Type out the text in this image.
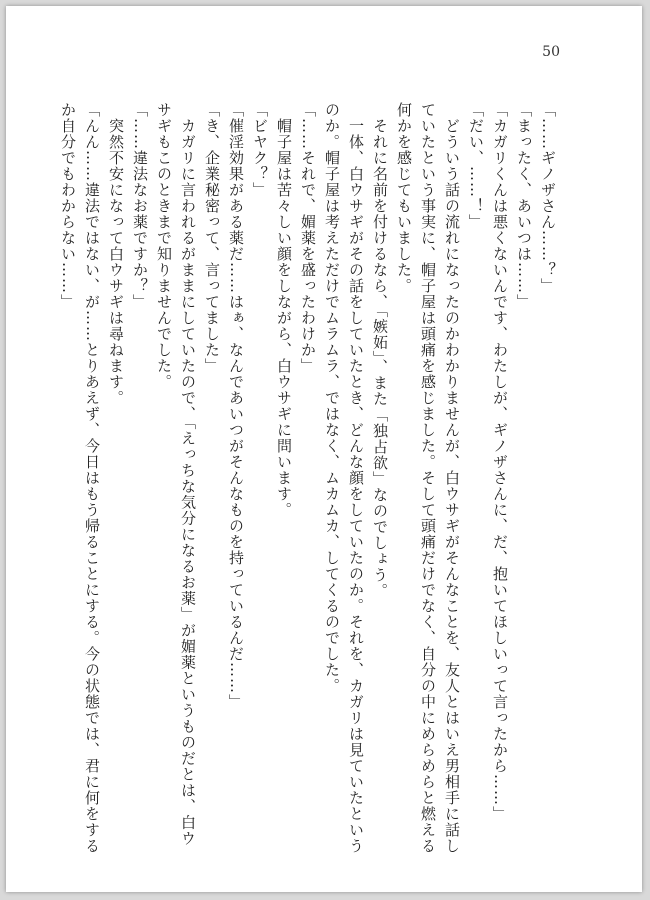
50
「……ギノザさん……？」
「まったく、あいつは……」
「カガリくんは悪くないんです、わたしが、ギノザさんに、だ、抱いてほしいって言ったから……」
「だい、……！」
　どういう話の流れになったのかわかりませんが、白ウサギがそんなことを、友人とはいえ男相手に話し
ていたという事実に、帽子屋は頭痛を感じました。そして頭痛だけでなく、自分の中にめらめらと燃える
何かを感じてもいました。
　それに名前を付けるなら、「嫉妬」、また「独占欲」なのでしょう。
　一体、白ウサギがその話をしていたとき、どんな顔をしていたのか。それを、カガリは見ていたという
のか。帽子屋は考えただけでムラムラ、ではなく、ムカムカ、してくるのでした。
「……それで、媚薬を盛ったわけか」
　帽子屋は苦々しい顔をしながら、白ウサギに問います。
「ビヤク？」
「催淫効果がある薬だ……はぁ、なんであいつがそんなものを持っているんだ……」
「き、企業秘密って、言ってました」
　カガリに言われるがままにしていたので、「えっちな気分になるお薬」が媚薬というものだとは、白ウ
サギもこのときまで知りませんでした。
「……違法なお薬ですか？」
　突然不安になって白ウサギは尋ねます。
「んん……違法ではない、が……とりあえず、今日はもう帰ることにする。今の状態では、君に何をする
か自分でもわからない……」
